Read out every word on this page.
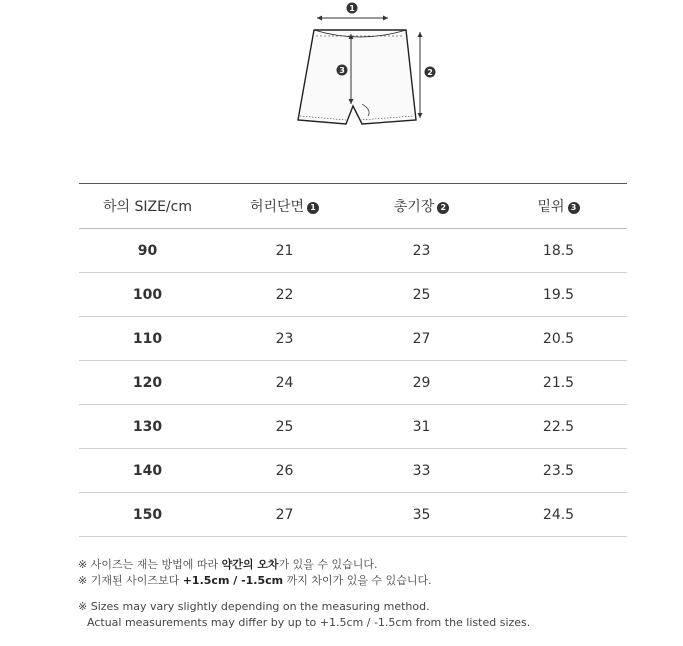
1
3	2
하의 SIZE/cm	허리단면 1	총기장 2	밑위 3
90	21	23	18.5
100	22	25	19.5
110	23	27	20.5
120	24	29	21.5
130	25	31	22.5
140	26	33	23.5
150	27	35	24.5
※ 사이즈는 재는 방법에 따라 약간의 오차가 있을 수 있습니다.
※ 기재된 사이즈보다 +1.5cm / -1.5cm 까지 차이가 있을 수 있습니다.
※ Sizes may vary slightly depending on the measuring method.
Actual measurements may differ by up to +1.5cm / -1.5cm from the listed sizes.
